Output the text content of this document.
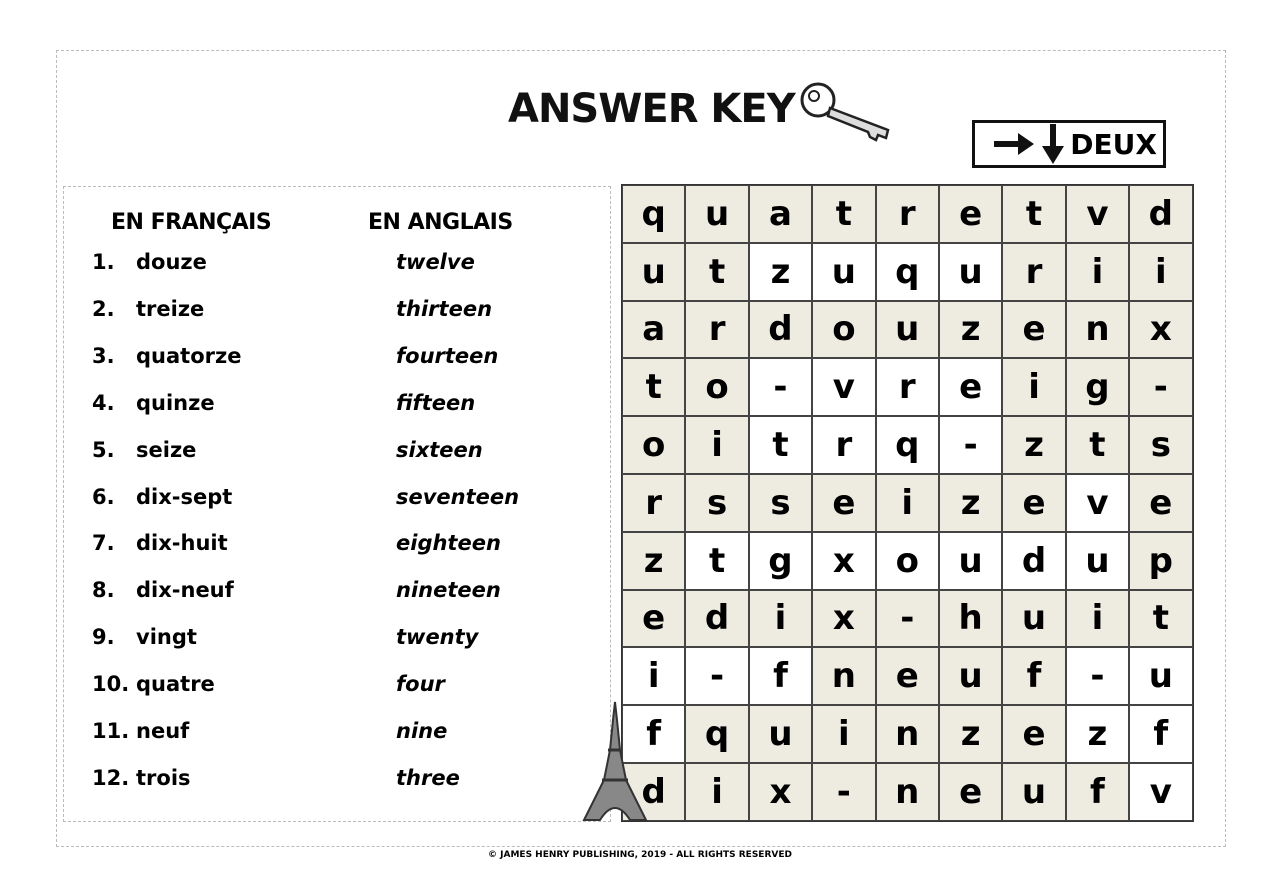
ANSWER KEY
DEUX
EN FRANÇAIS	EN ANGLAIS
1. douze	twelve
2. treize	thirteen
3. quatorze	fourteen
4. quinze	fifteen
5. seize	sixteen
6. dix-sept	seventeen
7. dix-huit	eighteen
8. dix-neuf	nineteen
9. vingt	twenty
10. quatre	four
11. neuf	nine
12. trois	three
q	u	a	t	r	e	t	v	d
u	t	z	u	q	u	r	i	i
a	r	d	o	u	z	e	n	x
t	o	-	v	r	e	i	g	-
o	i	t	r	q	-	z	t	s
r	s	s	e	i	z	e	v	e
z	t	g	x	o	u	d	u	p
e	d	i	x	-	h	u	i	t
i	-	f	n	e	u	f	-	u
f	q	u	i	n	z	e	z	f
d	i	x	-	n	e	u	f	v
© JAMES HENRY PUBLISHING, 2019 - ALL RIGHTS RESERVED
